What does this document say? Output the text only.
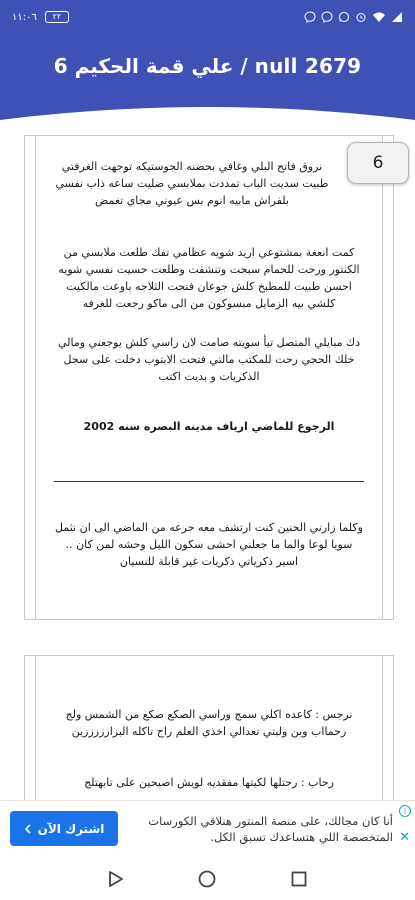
١١:٠٦ ٢٢
علي قمة الحكيم 6 / null 2679

نروق فاتح البلي وغافي بحضنه الجوستيكه توجهت الغرفتي طبيت سديت الباب تمددت بملابسي ضليت ساعه ذاب نفسي بلفراش مابيه انوم بس عيوني مجاي تغمض

كمت انعغة بمشتوعي اريد شويه عظامي تفك طلعت ملابسي من الكنتور ورحت للحمام سبحت وتنشفت وطلعت حسيت نفسي شويه احسن طبيت للمطبخ كلش جوعان فتحت الثلاجه باوعت مالكيت كلشي بيه الزمايل مبسوكون من الى ماكو رجعت للغرفه

دك مبايلي المتصل تيأ سويته صامت لان راسي كلش يوجعني ومالي خلك الحجي رحت للمكتب مالتي فتحت الابتوب دخلت على سجل الذكريات و بديت اكتب

الرجوع للماضي ارياف مدينه البصره سنه 2002

وكلما زارني الحنين كنت ارتشف معه جرعه من الماضي الى ان نثمل سويا لوعا والما ما جعلني احشى سكون الليل وحشه لمن كان .. اسير ذكرياتي ذكريات غير قابلة للنسيان

نرجس : كاعده اكلي سمج وراسي الصكع صكع من الشمس ولج رحمااب وين ولبتي تعدالي اخذي العلم راح تاكله البزازززززين

رحاب : رحتلها لكيتها مفقديه لويش اصيحين على تابهتلج

6
اشترك الآن
أنا كان مجالك، على منصة المنتور هنلاقي الكورسات المتخصصة اللي هتساعدك تسبق الكل.
i
✕
